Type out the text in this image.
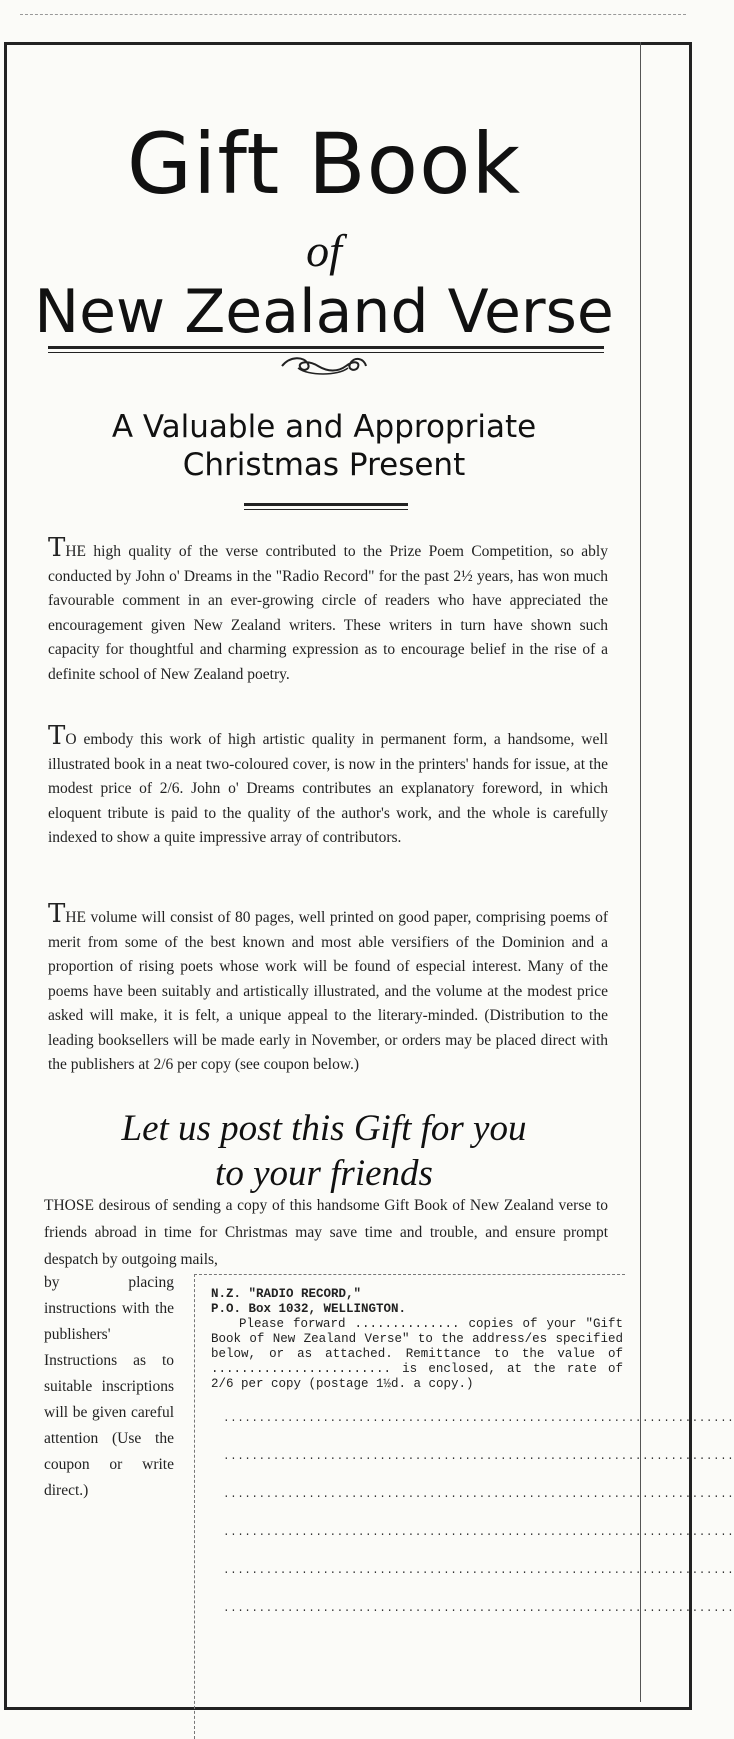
Gift Book
of
New Zealand Verse
A Valuable and Appropriate
Christmas Present
THE high quality of the verse contributed to the Prize Poem Competition, so ably conducted by John o' Dreams in the "Radio Record" for the past 2½ years, has won much favourable comment in an ever-growing circle of readers who have appreciated the encouragement given New Zealand writers. These writers in turn have shown such capacity for thoughtful and charming expression as to encourage belief in the rise of a definite school of New Zealand poetry.
TO embody this work of high artistic quality in permanent form, a handsome, well illustrated book in a neat two-coloured cover, is now in the printers' hands for issue, at the modest price of 2/6. John o' Dreams contributes an explanatory foreword, in which eloquent tribute is paid to the quality of the author's work, and the whole is carefully indexed to show a quite impressive array of contributors.
THE volume will consist of 80 pages, well printed on good paper, comprising poems of merit from some of the best known and most able versifiers of the Dominion and a proportion of rising poets whose work will be found of especial interest. Many of the poems have been suitably and artistically illustrated, and the volume at the modest price asked will make, it is felt, a unique appeal to the literary-minded. (Distribution to the leading booksellers will be made early in November, or orders may be placed direct with the publishers at 2/6 per copy (see coupon below.)
Let us post this Gift for you
to your friends
THOSE desirous of sending a copy of this handsome Gift Book of New Zealand verse to friends abroad in time for Christmas may save time and trouble, and ensure prompt despatch by outgoing mails,
by placing instructions with the publishers' Instructions as to suitable inscriptions will be given careful attention (Use the coupon or write direct.)
N.Z. "RADIO RECORD,"
P.O. Box 1032, WELLINGTON.
Please forward .............. copies of your "Gift Book of New Zealand Verse" to the address/es specified below, or as attached. Remittance to the value of ........................ is enclosed, at the rate of 2/6 per copy (postage 1½d. a copy.)
........................................................................
........................................................................
........................................................................
........................................................................
........................................................................
........................................................................
